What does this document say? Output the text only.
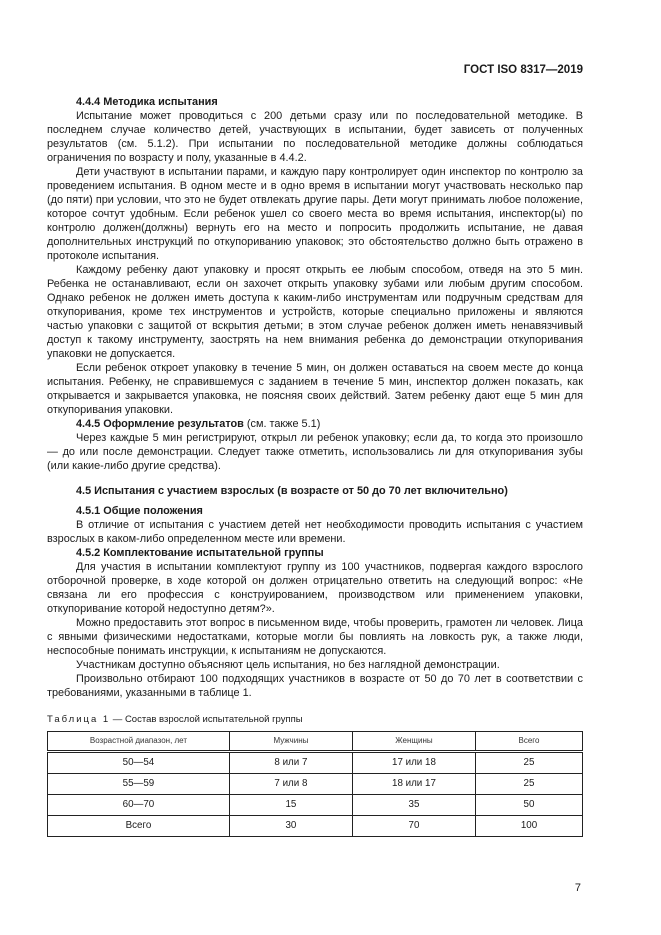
ГОСТ ISO 8317—2019

4.4.4 Методика испытания

Испытание может проводиться с 200 детьми сразу или по последовательной методике. В последнем случае количество детей, участвующих в испытании, будет зависеть от полученных результатов (см. 5.1.2). При испытании по последовательной методике должны соблюдаться ограничения по возрасту и полу, указанные в 4.4.2.

Дети участвуют в испытании парами, и каждую пару контролирует один инспектор по контролю за проведением испытания. В одном месте и в одно время в испытании могут участвовать несколько пар (до пяти) при условии, что это не будет отвлекать другие пары. Дети могут принимать любое положение, которое сочтут удобным. Если ребенок ушел со своего места во время испытания, инспектор(ы) по контролю должен(должны) вернуть его на место и попросить продолжить испытание, не давая дополнительных инструкций по откупориванию упаковок; это обстоятельство должно быть отражено в протоколе испытания.

Каждому ребенку дают упаковку и просят открыть ее любым способом, отведя на это 5 мин. Ребенка не останавливают, если он захочет открыть упаковку зубами или любым другим способом. Однако ребенок не должен иметь доступа к каким-либо инструментам или подручным средствам для откупоривания, кроме тех инструментов и устройств, которые специально приложены и являются частью упаковки с защитой от вскрытия детьми; в этом случае ребенок должен иметь ненавязчивый доступ к такому инструменту, заострять на нем внимания ребенка до демонстрации откупоривания упаковки не допускается.

Если ребенок откроет упаковку в течение 5 мин, он должен оставаться на своем месте до конца испытания. Ребенку, не справившемуся с заданием в течение 5 мин, инспектор должен показать, как открывается и закрывается упаковка, не поясняя своих действий. Затем ребенку дают еще 5 мин для откупоривания упаковки.

4.4.5 Оформление результатов (см. также 5.1)

Через каждые 5 мин регистрируют, открыл ли ребенок упаковку; если да, то когда это произошло — до или после демонстрации. Следует также отметить, использовались ли для откупоривания зубы (или какие-либо другие средства).

4.5 Испытания с участием взрослых (в возрасте от 50 до 70 лет включительно)

4.5.1 Общие положения

В отличие от испытания с участием детей нет необходимости проводить испытания с участием взрослых в каком-либо определенном месте или времени.

4.5.2 Комплектование испытательной группы

Для участия в испытании комплектуют группу из 100 участников, подвергая каждого взрослого отборочной проверке, в ходе которой он должен отрицательно ответить на следующий вопрос: «Не связана ли его профессия с конструированием, производством или применением упаковки, откупоривание которой недоступно детям?».

Можно предоставить этот вопрос в письменном виде, чтобы проверить, грамотен ли человек. Лица с явными физическими недостатками, которые могли бы повлиять на ловкость рук, а также люди, неспособные понимать инструкции, к испытаниям не допускаются.

Участникам доступно объясняют цель испытания, но без наглядной демонстрации.

Произвольно отбирают 100 подходящих участников в возрасте от 50 до 70 лет в соответствии с требованиями, указанными в таблице 1.

Таблица 1 — Состав взрослой испытательной группы
Возрастной диапазон, лет	Мужчины	Женщины	Всего
50—54	8 или 7	17 или 18	25
55—59	7 или 8	18 или 17	25
60—70	15	35	50
Всего	30	70	100
7
